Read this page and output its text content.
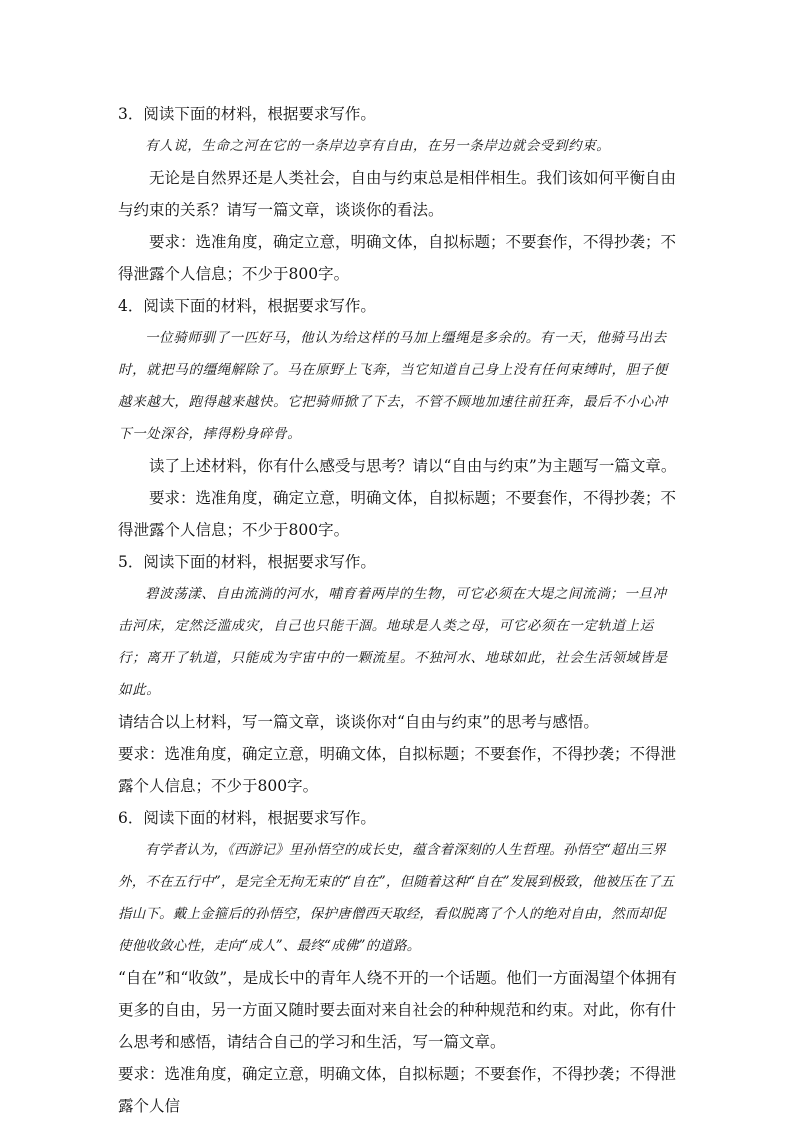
3．阅读下面的材料，根据要求写作。

有人说，生命之河在它的一条岸边享有自由，在另一条岸边就会受到约束。

无论是自然界还是人类社会，自由与约束总是相伴相生。我们该如何平衡自由与约束的关系？请写一篇文章，谈谈你的看法。

要求：选准角度，确定立意，明确文体，自拟标题；不要套作，不得抄袭；不得泄露个人信息；不少于800字。

4．阅读下面的材料，根据要求写作。

一位骑师驯了一匹好马，他认为给这样的马加上缰绳是多余的。有一天，他骑马出去时，就把马的缰绳解除了。马在原野上飞奔，当它知道自己身上没有任何束缚时，胆子便越来越大，跑得越来越快。它把骑师掀了下去，不管不顾地加速往前狂奔，最后不小心冲下一处深谷，摔得粉身碎骨。

读了上述材料，你有什么感受与思考？请以“自由与约束”为主题写一篇文章。

要求：选准角度，确定立意，明确文体，自拟标题；不要套作，不得抄袭；不得泄露个人信息；不少于800字。

5．阅读下面的材料，根据要求写作。

碧波荡漾、自由流淌的河水，哺育着两岸的生物，可它必须在大堤之间流淌；一旦冲击河床，定然泛滥成灾，自己也只能干涸。地球是人类之母，可它必须在一定轨道上运行；离开了轨道，只能成为宇宙中的一颗流星。不独河水、地球如此，社会生活领域皆是如此。

请结合以上材料，写一篇文章，谈谈你对“自由与约束”的思考与感悟。

要求：选准角度，确定立意，明确文体，自拟标题；不要套作，不得抄袭；不得泄露个人信息；不少于800字。

6．阅读下面的材料，根据要求写作。

有学者认为，《西游记》里孙悟空的成长史，蕴含着深刻的人生哲理。孙悟空“超出三界外，不在五行中”，是完全无拘无束的“自在”，但随着这种“自在”发展到极致，他被压在了五指山下。戴上金箍后的孙悟空，保护唐僧西天取经，看似脱离了个人的绝对自由，然而却促使他收敛心性，走向“成人”、最终“成佛”的道路。

“自在”和“收敛”，是成长中的青年人绕不开的一个话题。他们一方面渴望个体拥有更多的自由，另一方面又随时要去面对来自社会的种种规范和约束。对此，你有什么思考和感悟，请结合自己的学习和生活，写一篇文章。

要求：选准角度，确定立意，明确文体，自拟标题；不要套作，不得抄袭；不得泄露个人信
